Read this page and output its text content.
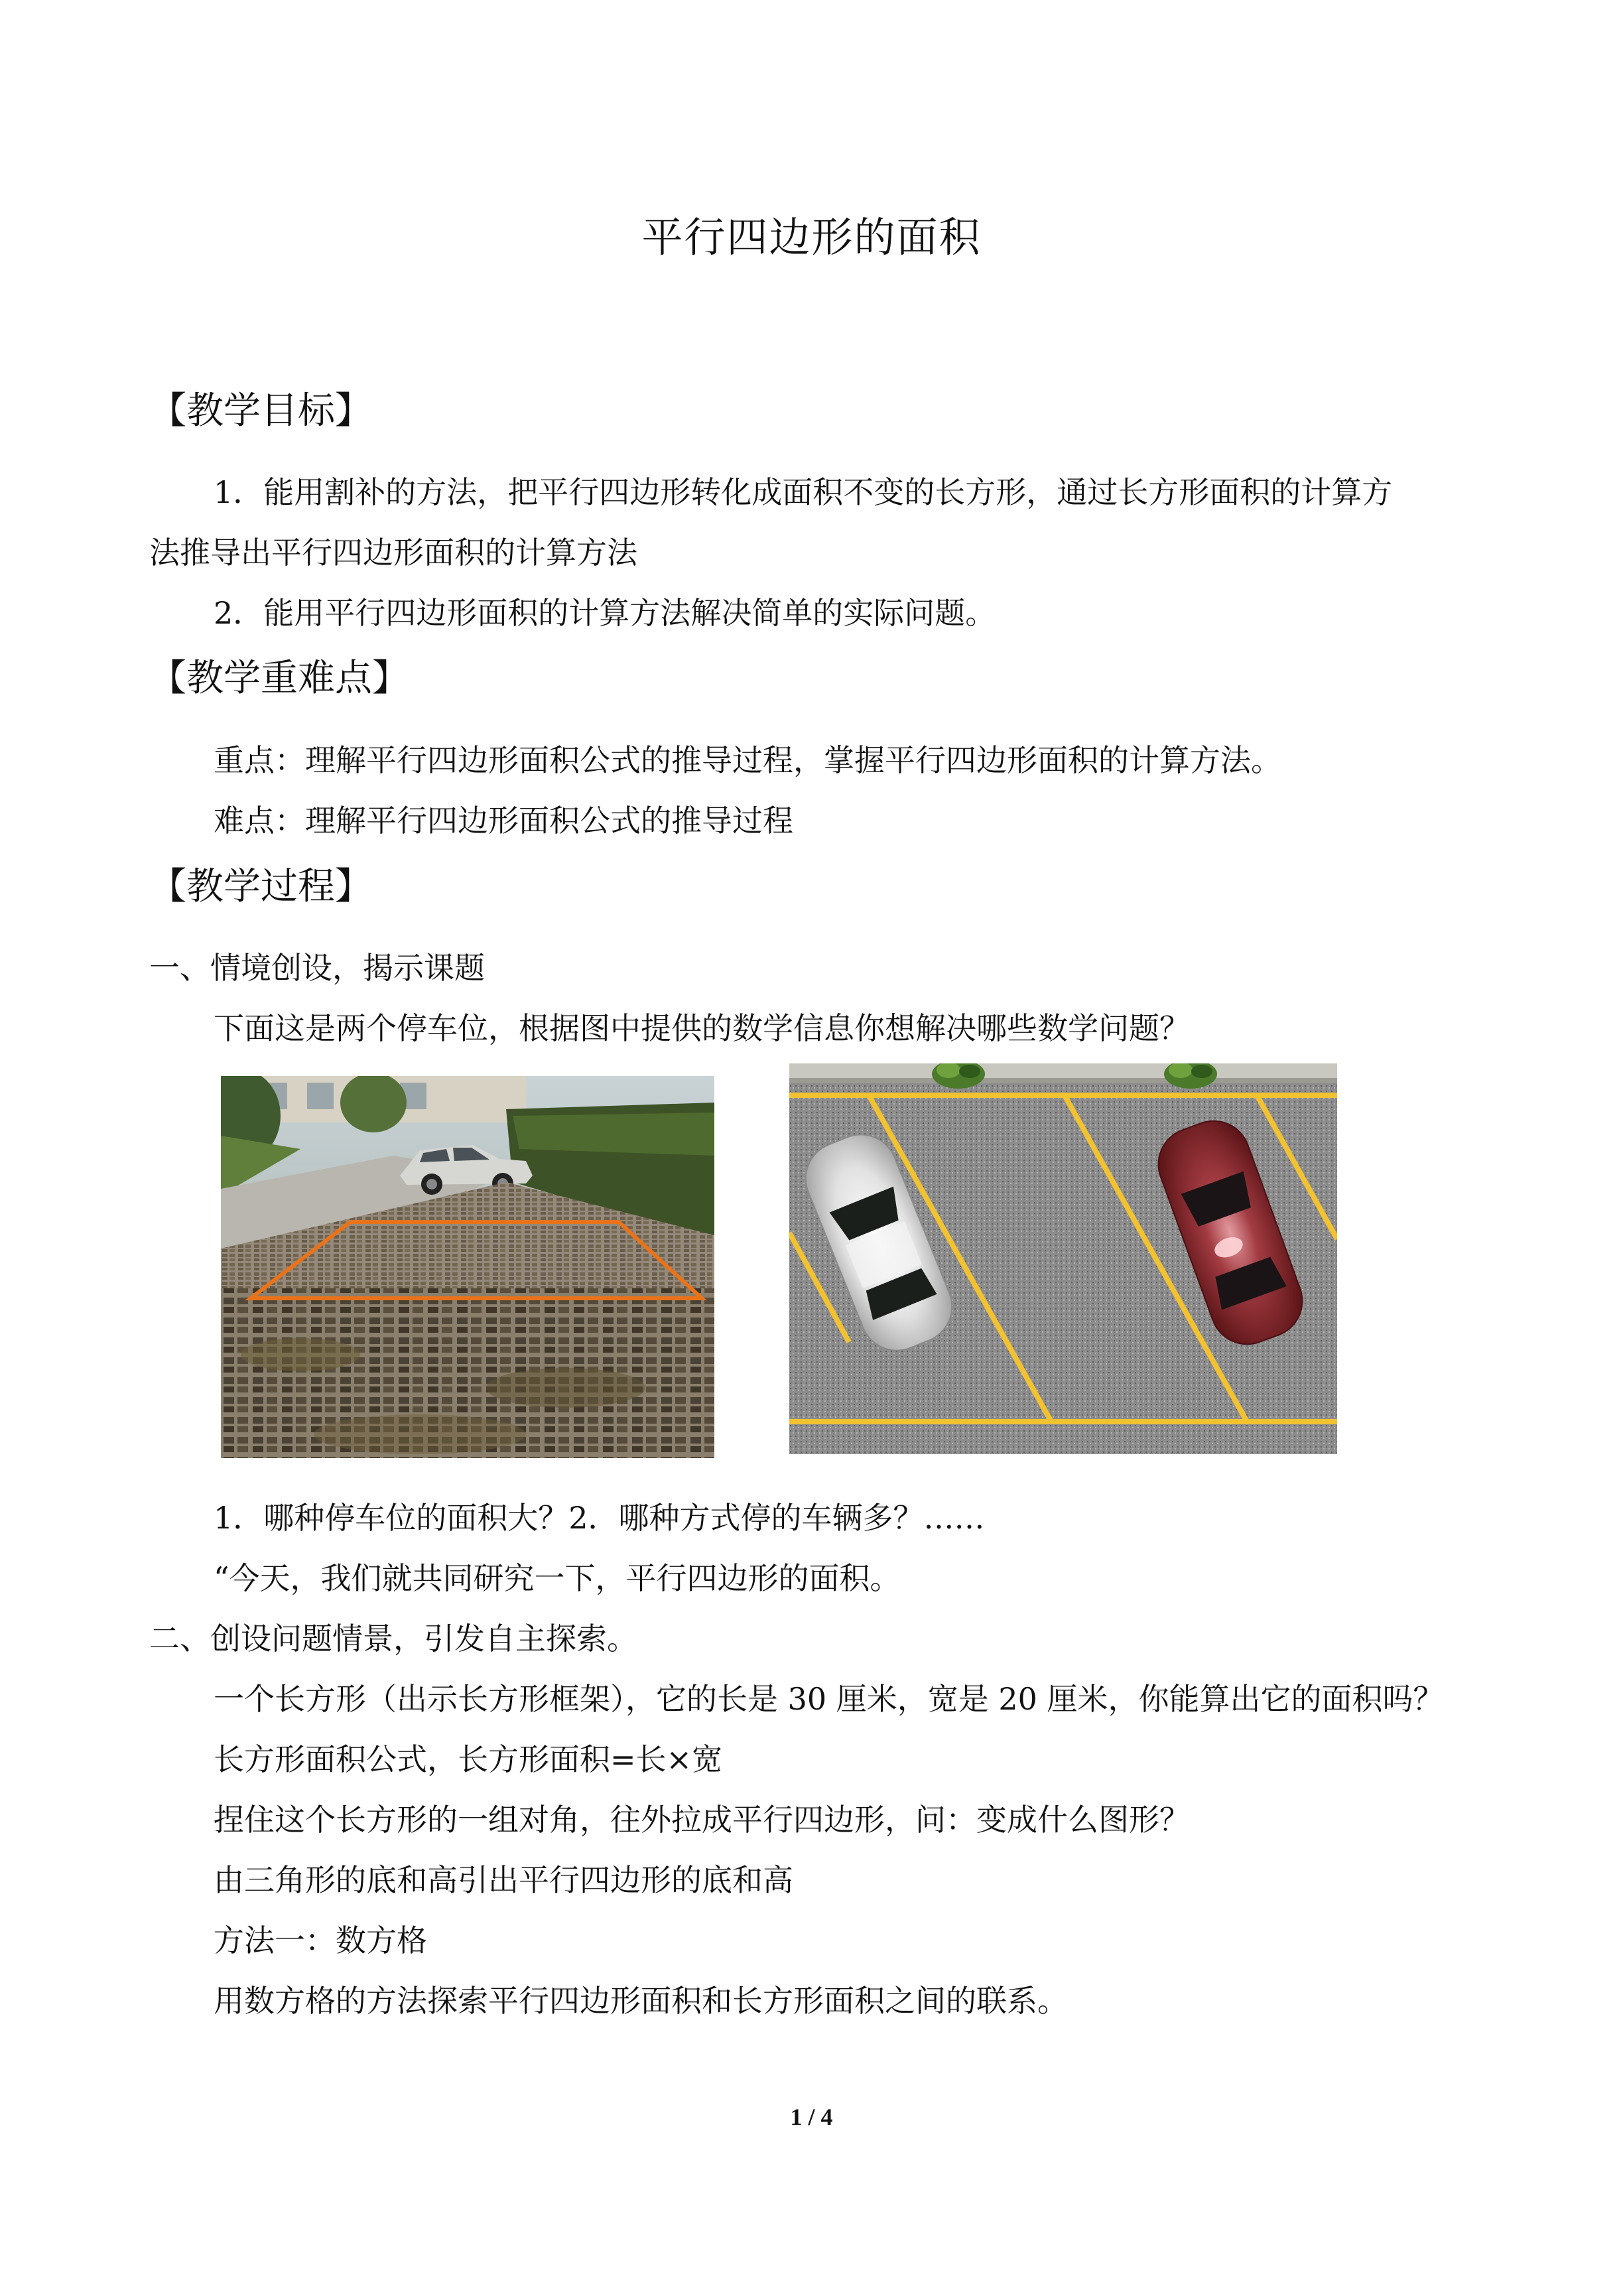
平行四边形的面积
【教学目标】
1．能用割补的方法，把平行四边形转化成面积不变的长方形，通过长方形面积的计算方
法推导出平行四边形面积的计算方法
2．能用平行四边形面积的计算方法解决简单的实际问题。
【教学重难点】
重点：理解平行四边形面积公式的推导过程，掌握平行四边形面积的计算方法。
难点：理解平行四边形面积公式的推导过程
【教学过程】
一、情境创设，揭示课题
下面这是两个停车位，根据图中提供的数学信息你想解决哪些数学问题？
1．哪种停车位的面积大？2．哪种方式停的车辆多？……
“今天，我们就共同研究一下，平行四边形的面积。
二、创设问题情景，引发自主探索。
一个长方形（出示长方形框架），它的长是 30 厘米，宽是 20 厘米，你能算出它的面积吗？
长方形面积公式，长方形面积=长×宽
捏住这个长方形的一组对角，往外拉成平行四边形，问：变成什么图形？
由三角形的底和高引出平行四边形的底和高
方法一：数方格
用数方格的方法探索平行四边形面积和长方形面积之间的联系。
1 / 4
